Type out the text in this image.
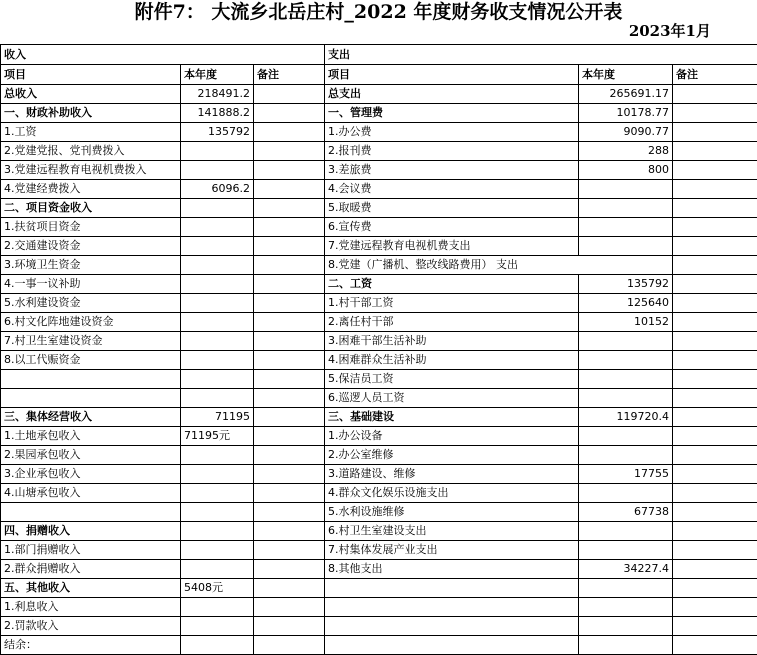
附件7： 大流乡北岳庄村_2022 年度财务收支情况公开表
2023年1月
收入			支出		
项目	本年度	备注	项目	本年度	备注
总收入	218491.2		总支出	265691.17	
一、财政补助收入	141888.2		一、管理费	10178.77	
1.工资	135792		1.办公费	9090.77	
2.党建党报、党刊费拨入			2.报刊费	288	
3.党建远程教育电视机费拨入			3.差旅费	800	
4.党建经费拨入	6096.2		4.会议费		
二、项目资金收入			5.取暖费		
1.扶贫项目资金			6.宣传费		
2.交通建设资金			7.党建远程教育电视机费支出		
3.环境卫生资金			8.党建（广播机、整改线路费用） 支出		
4.一事一议补助			二、工资	135792	
5.水利建设资金			1.村干部工资	125640	
6.村文化阵地建设资金			2.离任村干部	10152	
7.村卫生室建设资金			3.困难干部生活补助		
8.以工代赈资金			4.困难群众生活补助		
			5.保洁员工资		
			6.巡逻人员工资		
三、集体经营收入	71195		三、基础建设	119720.4	
1.土地承包收入	71195元		1.办公设备		
2.果园承包收入			2.办公室维修		
3.企业承包收入			3.道路建设、维修	17755	
4.山塘承包收入			4.群众文化娱乐设施支出		
			5.水利设施维修	67738	
四、捐赠收入			6.村卫生室建设支出		
1.部门捐赠收入			7.村集体发展产业支出		
2.群众捐赠收入			8.其他支出	34227.4	
五、其他收入	5408元				
1.利息收入					
2.罚款收入					
结余：					
